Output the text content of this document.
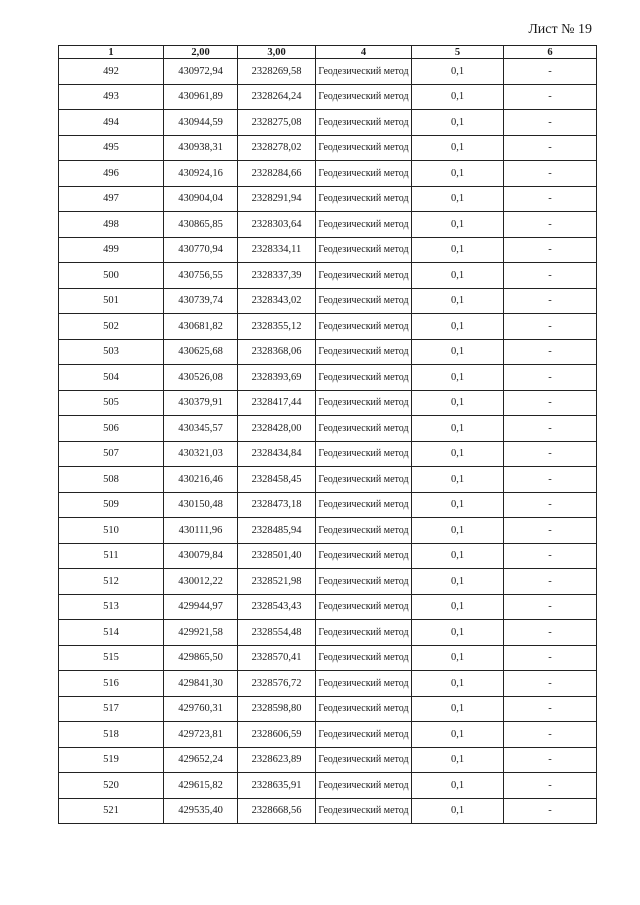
Лист № 19
1	2,00	3,00	4	5	6
492	430972,94	2328269,58	Геодезический метод	0,1	-
493	430961,89	2328264,24	Геодезический метод	0,1	-
494	430944,59	2328275,08	Геодезический метод	0,1	-
495	430938,31	2328278,02	Геодезический метод	0,1	-
496	430924,16	2328284,66	Геодезический метод	0,1	-
497	430904,04	2328291,94	Геодезический метод	0,1	-
498	430865,85	2328303,64	Геодезический метод	0,1	-
499	430770,94	2328334,11	Геодезический метод	0,1	-
500	430756,55	2328337,39	Геодезический метод	0,1	-
501	430739,74	2328343,02	Геодезический метод	0,1	-
502	430681,82	2328355,12	Геодезический метод	0,1	-
503	430625,68	2328368,06	Геодезический метод	0,1	-
504	430526,08	2328393,69	Геодезический метод	0,1	-
505	430379,91	2328417,44	Геодезический метод	0,1	-
506	430345,57	2328428,00	Геодезический метод	0,1	-
507	430321,03	2328434,84	Геодезический метод	0,1	-
508	430216,46	2328458,45	Геодезический метод	0,1	-
509	430150,48	2328473,18	Геодезический метод	0,1	-
510	430111,96	2328485,94	Геодезический метод	0,1	-
511	430079,84	2328501,40	Геодезический метод	0,1	-
512	430012,22	2328521,98	Геодезический метод	0,1	-
513	429944,97	2328543,43	Геодезический метод	0,1	-
514	429921,58	2328554,48	Геодезический метод	0,1	-
515	429865,50	2328570,41	Геодезический метод	0,1	-
516	429841,30	2328576,72	Геодезический метод	0,1	-
517	429760,31	2328598,80	Геодезический метод	0,1	-
518	429723,81	2328606,59	Геодезический метод	0,1	-
519	429652,24	2328623,89	Геодезический метод	0,1	-
520	429615,82	2328635,91	Геодезический метод	0,1	-
521	429535,40	2328668,56	Геодезический метод	0,1	-
